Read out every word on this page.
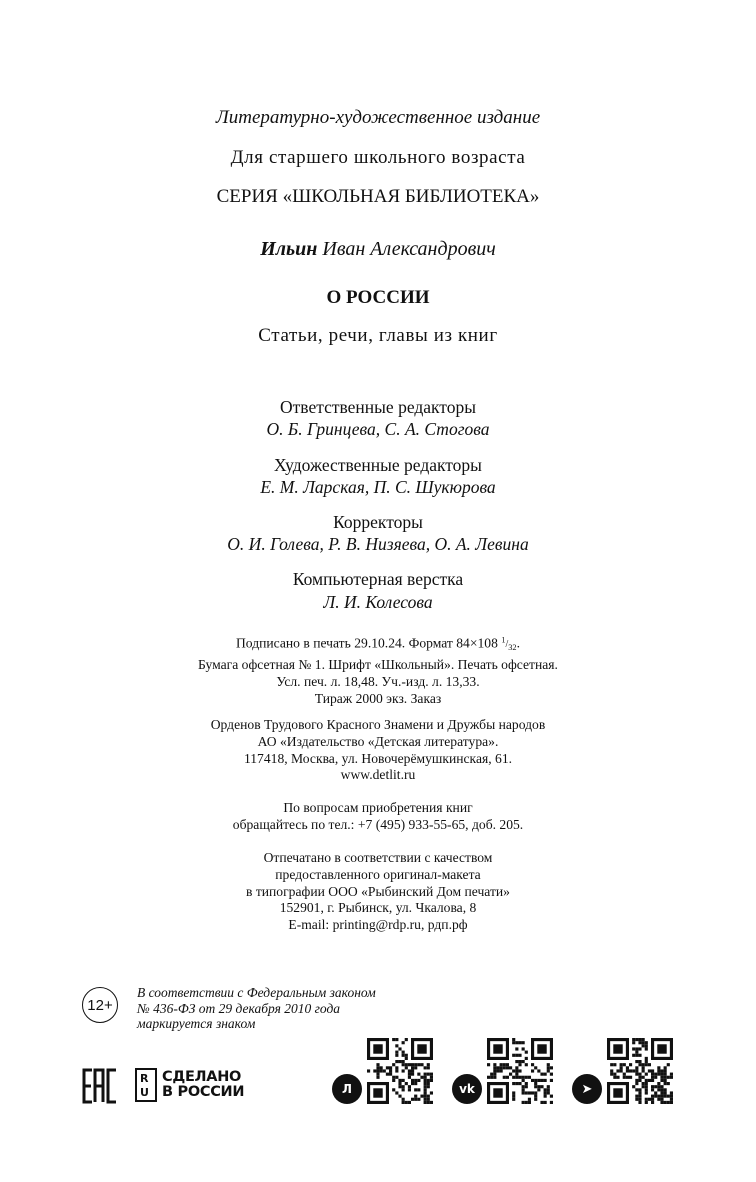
Литературно-художественное издание
Для старшего школьного возраста
СЕРИЯ «ШКОЛЬНАЯ БИБЛИОТЕКА»
Ильин Иван Александрович
О РОССИИ
Статьи, речи, главы из книг
Ответственные редакторы
О. Б. Гринцева, С. А. Стогова
Художественные редакторы
Е. М. Ларская, П. С. Шукюрова
Корректоры
О. И. Голева, Р. В. Низяева, О. А. Левина
Компьютерная верстка
Л. И. Колесова
Подписано в печать 29.10.24. Формат 84×108 $^1/_{32}$.
Бумага офсетная № 1. Шрифт «Школьный». Печать офсетная.
Усл. печ. л. 18,48. Уч.-изд. л. 13,33.
Тираж 2000 экз. Заказ
Орденов Трудового Красного Знамени и Дружбы народов
АО «Издательство «Детская литература».
117418, Москва, ул. Новочерёмушкинская, 61.
www.detlit.ru
По вопросам приобретения книг
обращайтесь по тел.: +7 (495) 933-55-65, доб. 205.
Отпечатано в соответствии с качеством
предоставленного оригинал-макета
в типографии ООО «Рыбинский Дом печати»
152901, г. Рыбинск, ул. Чкалова, 8
E-mail: printing@rdp.ru, рдп.рф
12+
В соответствии с Федеральным законом
№ 436-ФЗ от 29 декабря 2010 года
маркируется знаком
RU
СДЕЛАНО
В РОССИИ	Л	vk	➤
